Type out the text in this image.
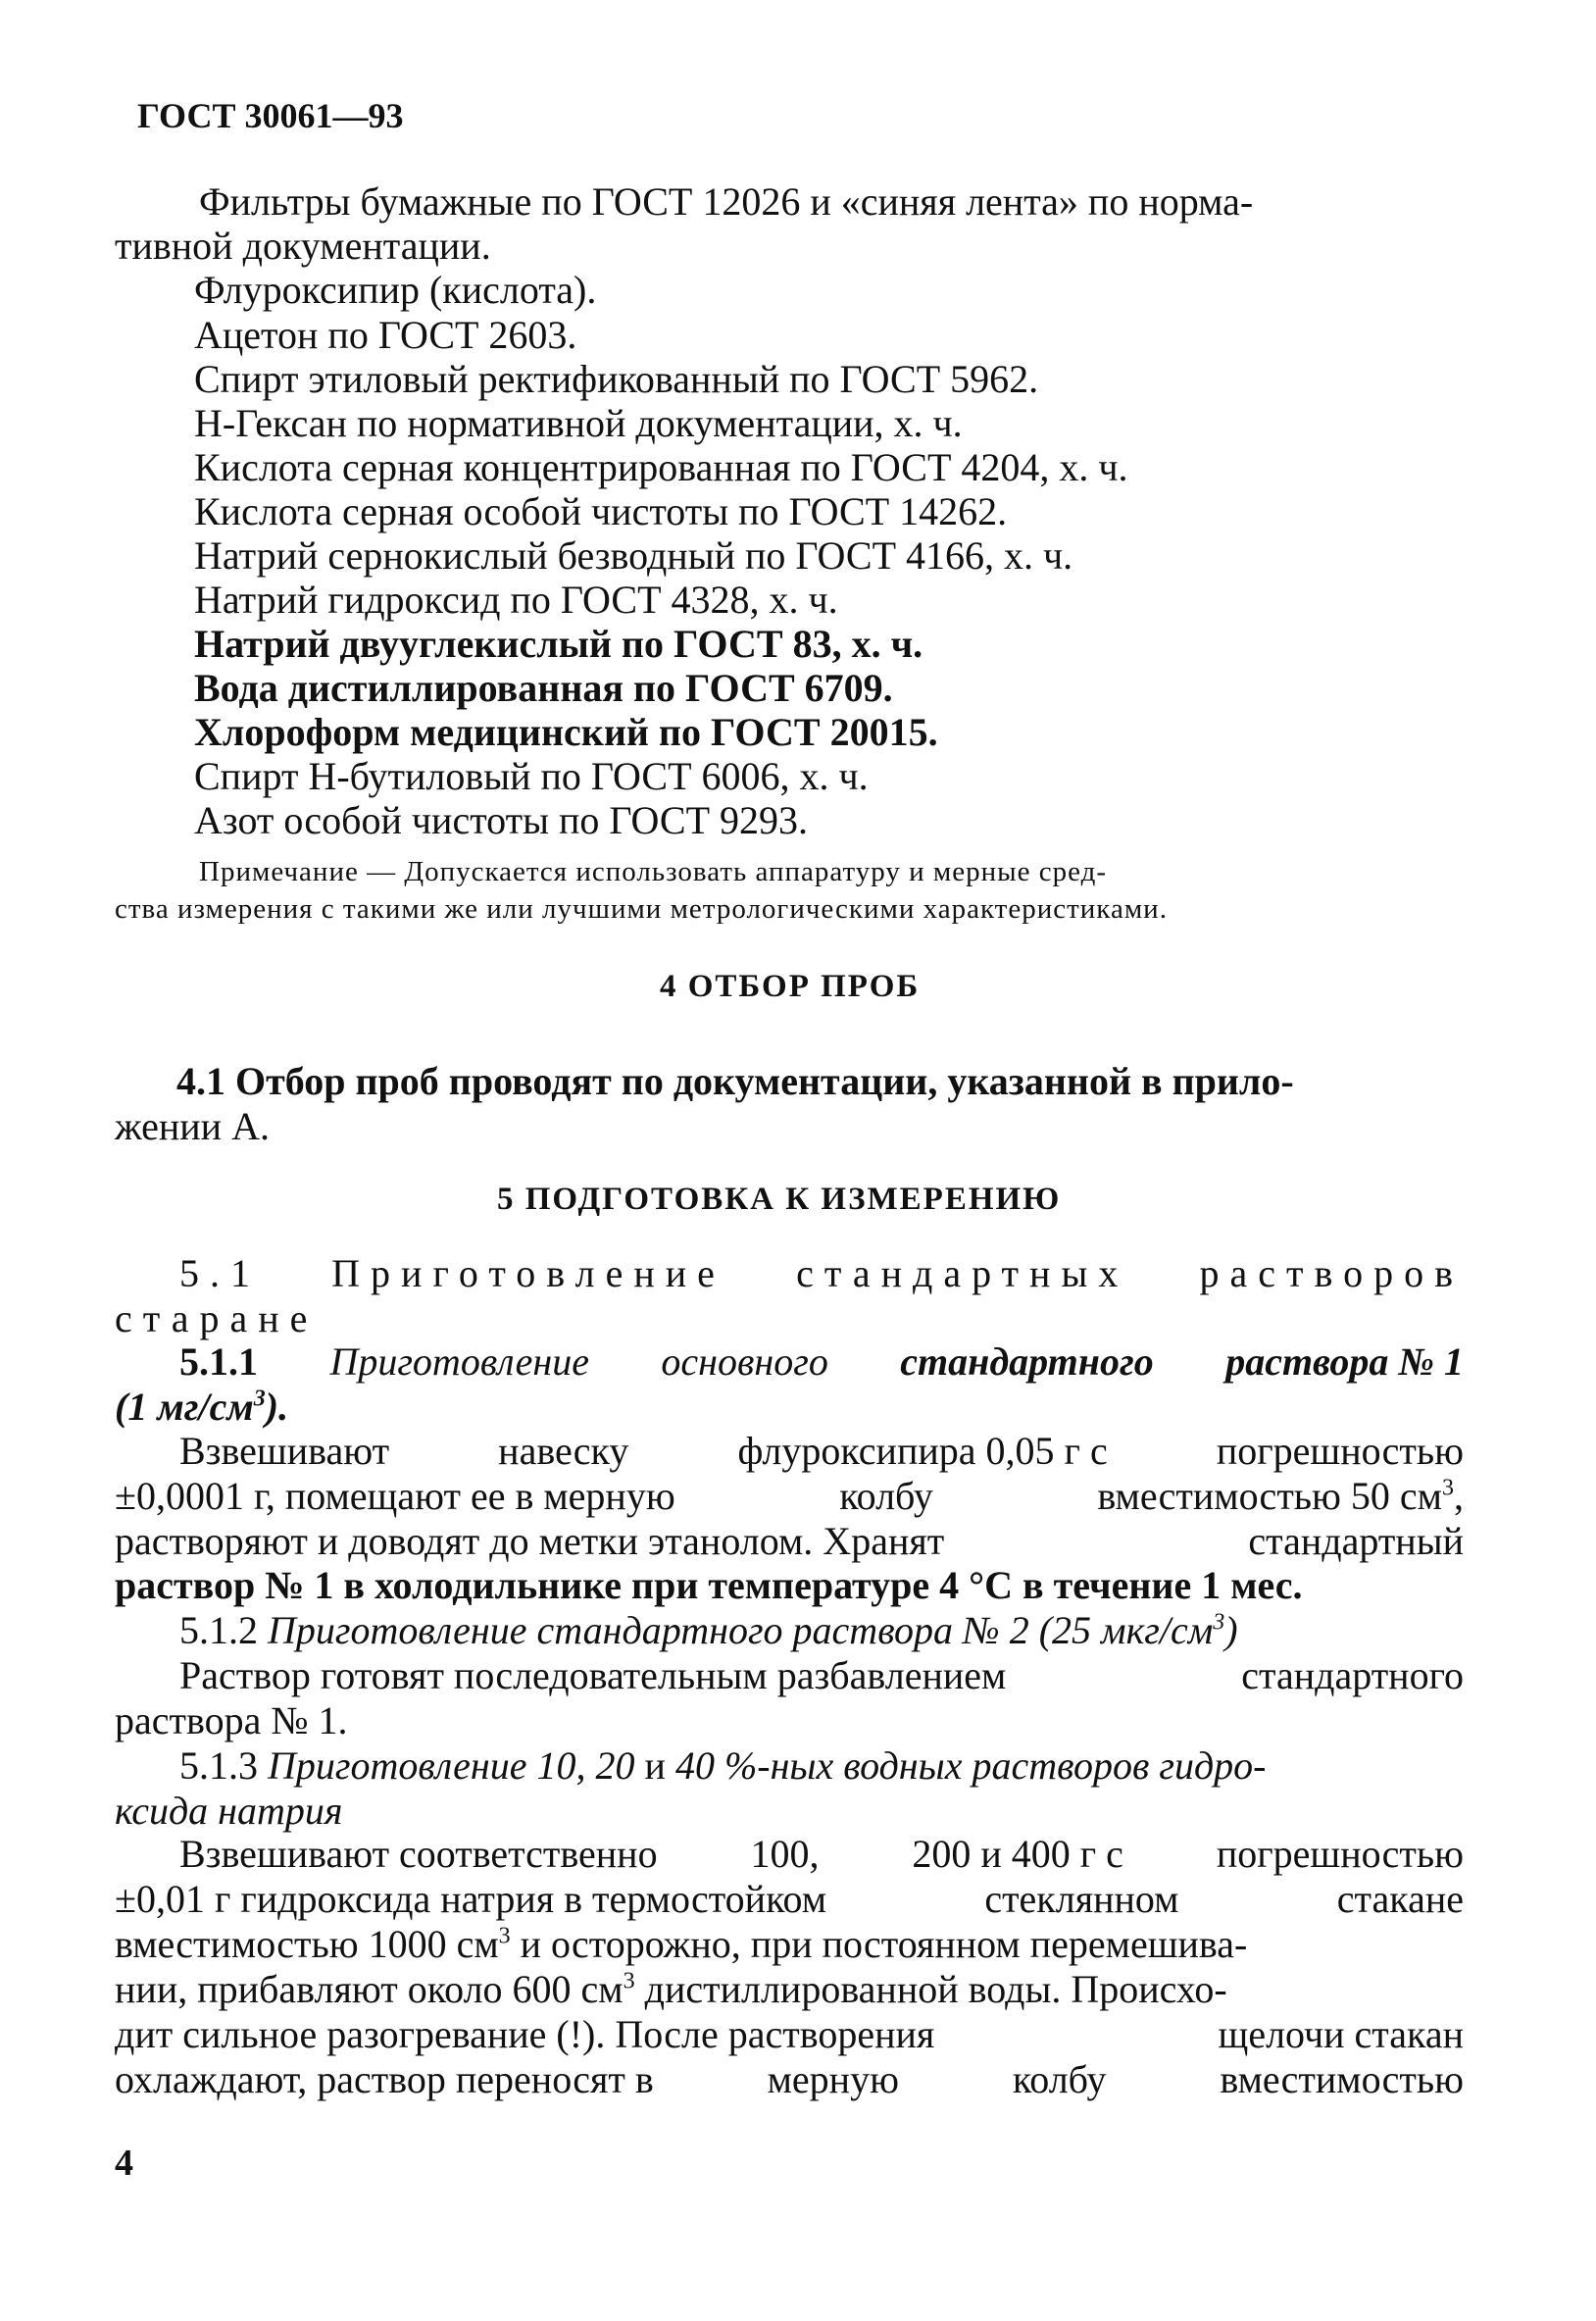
ГОСТ 30061—93
Фильтры бумажные по ГОСТ 12026 и «синяя лента» по норма-
тивной документации.
Флуроксипир (кислота).
Ацетон по ГОСТ 2603.
Спирт этиловый ректификованный по ГОСТ 5962.
Н-Гексан по нормативной документации, х. ч.
Кислота серная концентрированная по ГОСТ 4204, х. ч.
Кислота серная особой чистоты по ГОСТ 14262.
Натрий сернокислый безводный по ГОСТ 4166, х. ч.
Натрий гидроксид по ГОСТ 4328, х. ч.
Натрий двууглекислый по ГОСТ 83, х. ч.
Вода дистиллированная по ГОСТ 6709.
Хлороформ медицинский по ГОСТ 20015.
Спирт Н-бутиловый по ГОСТ 6006, х. ч.
Азот особой чистоты по ГОСТ 9293.
Примечание — Допускается использовать аппаратуру и мерные сред-
ства измерения с такими же или лучшими метрологическими характеристиками.
4 ОТБОР ПРОБ
4.1 Отбор проб проводят по документации, указанной в прило-
жении А.
5 ПОДГОТОВКА К ИЗМЕРЕНИЮ
5.1 Приготовление стандартных растворов
старане
5.1.1 Приготовление основного стандартного раствора № 1
(1 $мг/см^3$).
Взвешивают	навеску	флуроксипира 0,05 г с	погрешностью
±0,0001 г, помещают ее в мерную	колбу	вместимостью 50 $см^3$,
растворяют и доводят до метки этанолом. Хранят	стандартный
раствор № 1 в холодильнике при температуре 4 °С в течение 1 мес.
5.1.2 Приготовление стандартного раствора № 2 (25 мкг/$см^3$)
Раствор готовят последовательным разбавлением	стандартного
раствора № 1.
5.1.3 Приготовление 10, 20 и 40 %-ных водных растворов гидро-
ксида натрия
Взвешивают соответственно 100, 200 и 400 г с погрешностью
±0,01 г гидроксида натрия в термостойком	стеклянном	стакане
вместимостью 1000 $см^3$ и осторожно, при постоянном перемешива-
нии, прибавляют около 600 $см^3$ дистиллированной воды. Происхо-
дит сильное разогревание (!). После растворения	щелочи стакан
охлаждают, раствор переносят в	мерную	колбу	вместимостью
4
